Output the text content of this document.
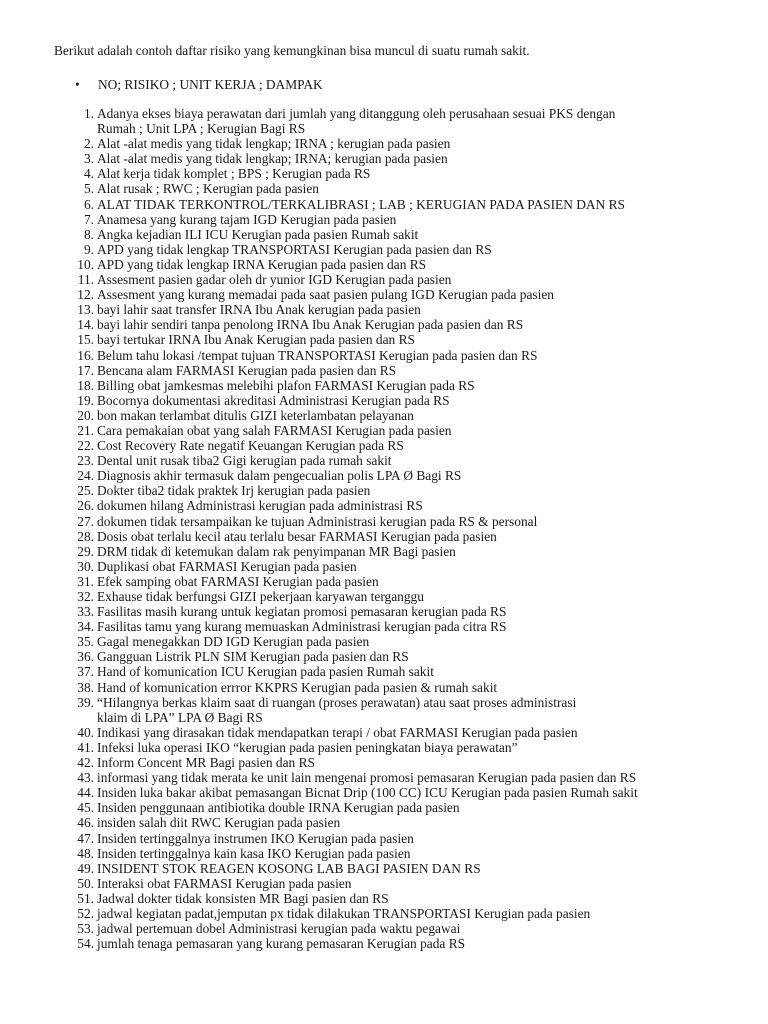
Berikut adalah contoh daftar risiko yang kemungkinan bisa muncul di suatu rumah sakit.
• NO; RISIKO ; UNIT KERJA ; DAMPAK
1. Adanya ekses biaya perawatan dari jumlah yang ditanggung oleh perusahaan sesuai PKS dengan
Rumah ; Unit LPA ; Kerugian Bagi RS
2. Alat -alat medis yang tidak lengkap; IRNA ; kerugian pada pasien
3. Alat -alat medis yang tidak lengkap; IRNA; kerugian pada pasien
4. Alat kerja tidak komplet ; BPS ; Kerugian pada RS
5. Alat rusak ; RWC ; Kerugian pada pasien
6. ALAT TIDAK TERKONTROL/TERKALIBRASI ; LAB ; KERUGIAN PADA PASIEN DAN RS
7. Anamesa yang kurang tajam IGD Kerugian pada pasien
8. Angka kejadian ILI ICU Kerugian pada pasien Rumah sakit
9. APD yang tidak lengkap TRANSPORTASI Kerugian pada pasien dan RS
10. APD yang tidak lengkap IRNA Kerugian pada pasien dan RS
11. Assesment pasien gadar oleh dr yunior IGD Kerugian pada pasien
12. Assesment yang kurang memadai pada saat pasien pulang IGD Kerugian pada pasien
13. bayi lahir saat transfer IRNA Ibu Anak kerugian pada pasien
14. bayi lahir sendiri tanpa penolong IRNA Ibu Anak Kerugian pada pasien dan RS
15. bayi tertukar IRNA Ibu Anak Kerugian pada pasien dan RS
16. Belum tahu lokasi /tempat tujuan TRANSPORTASI Kerugian pada pasien dan RS
17. Bencana alam FARMASI Kerugian pada pasien dan RS
18. Billing obat jamkesmas melebihi plafon FARMASI Kerugian pada RS
19. Bocornya dokumentasi akreditasi Administrasi Kerugian pada RS
20. bon makan terlambat ditulis GIZI keterlambatan pelayanan
21. Cara pemakaian obat yang salah FARMASI Kerugian pada pasien
22. Cost Recovery Rate negatif Keuangan Kerugian pada RS
23. Dental unit rusak tiba2 Gigi kerugian pada rumah sakit
24. Diagnosis akhir termasuk dalam pengecualian polis LPA Ø Bagi RS
25. Dokter tiba2 tidak praktek Irj kerugian pada pasien
26. dokumen hilang Administrasi kerugian pada administrasi RS
27. dokumen tidak tersampaikan ke tujuan Administrasi kerugian pada RS & personal
28. Dosis obat terlalu kecil atau terlalu besar FARMASI Kerugian pada pasien
29. DRM tidak di ketemukan dalam rak penyimpanan MR Bagi pasien
30. Duplikasi obat FARMASI Kerugian pada pasien
31. Efek samping obat FARMASI Kerugian pada pasien
32. Exhause tidak berfungsi GIZI pekerjaan karyawan terganggu
33. Fasilitas masih kurang untuk kegiatan promosi pemasaran kerugian pada RS
34. Fasilitas tamu yang kurang memuaskan Administrasi kerugian pada citra RS
35. Gagal menegakkan DD IGD Kerugian pada pasien
36. Gangguan Listrik PLN SIM Kerugian pada pasien dan RS
37. Hand of komunication ICU Kerugian pada pasien Rumah sakit
38. Hand of komunication errror KKPRS Kerugian pada pasien & rumah sakit
39. “Hilangnya berkas klaim saat di ruangan (proses perawatan) atau saat proses administrasi
klaim di LPA” LPA Ø Bagi RS
40. Indikasi yang dirasakan tidak mendapatkan terapi / obat FARMASI Kerugian pada pasien
41. Infeksi luka operasi IKO “kerugian pada pasien peningkatan biaya perawatan”
42. Inform Concent MR Bagi pasien dan RS
43. informasi yang tidak merata ke unit lain mengenai promosi pemasaran Kerugian pada pasien dan RS
44. Insiden luka bakar akibat pemasangan Bicnat Drip (100 CC) ICU Kerugian pada pasien Rumah sakit
45. Insiden penggunaan antibiotika double IRNA Kerugian pada pasien
46. insiden salah diit RWC Kerugian pada pasien
47. Insiden tertinggalnya instrumen IKO Kerugian pada pasien
48. Insiden tertinggalnya kain kasa IKO Kerugian pada pasien
49. INSIDENT STOK REAGEN KOSONG LAB BAGI PASIEN DAN RS
50. Interaksi obat FARMASI Kerugian pada pasien
51. Jadwal dokter tidak konsisten MR Bagi pasien dan RS
52. jadwal kegiatan padat,jemputan px tidak dilakukan TRANSPORTASI Kerugian pada pasien
53. jadwal pertemuan dobel Administrasi kerugian pada waktu pegawai
54. jumlah tenaga pemasaran yang kurang pemasaran Kerugian pada RS
